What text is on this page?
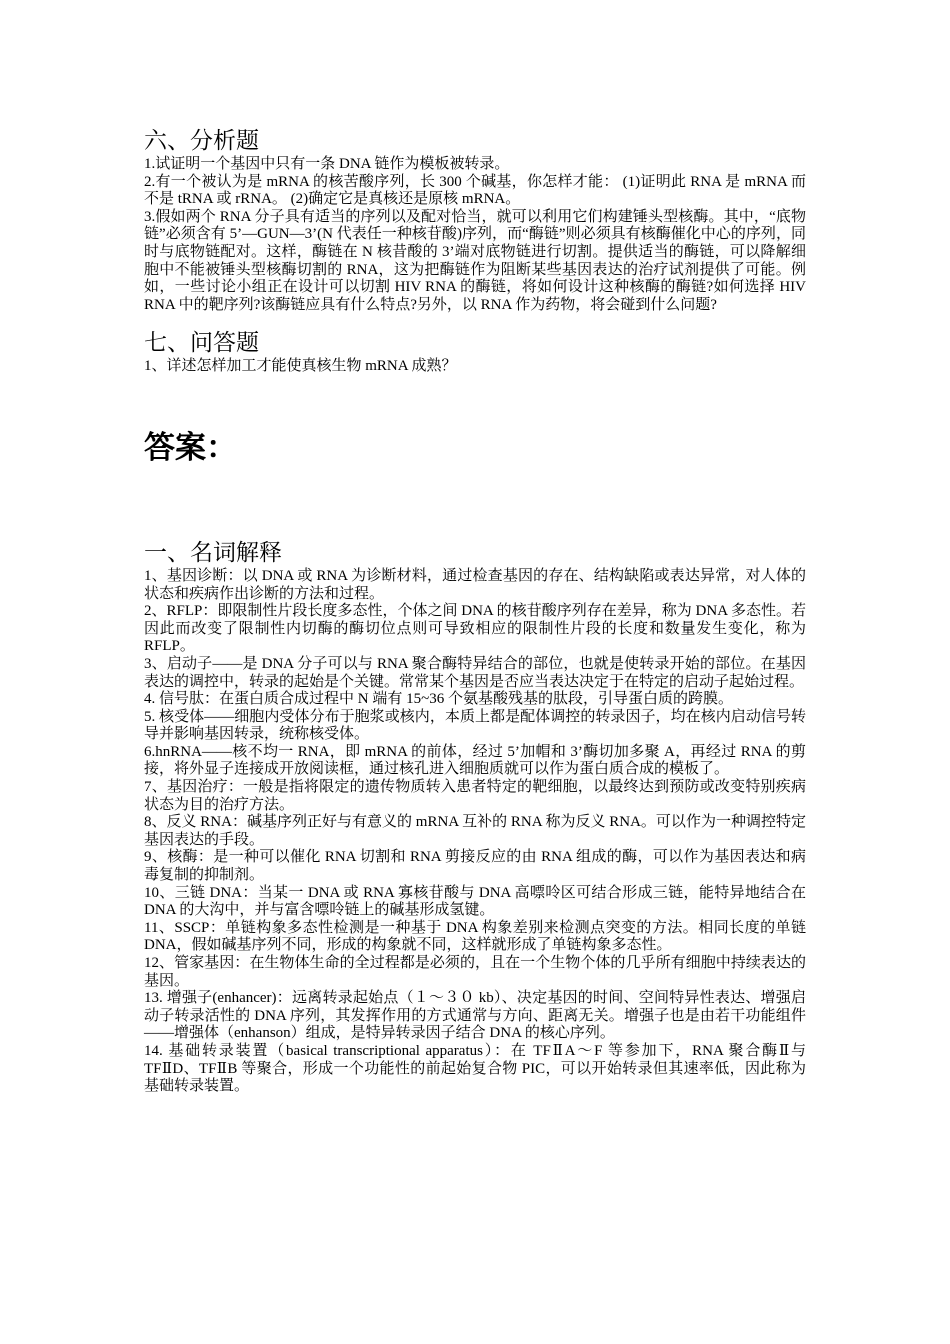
六、分析题

1.试证明一个基因中只有一条 DNA 链作为模板被转录。

2.有一个被认为是 mRNA 的核苦酸序列，长 300 个碱基，你怎样才能： (1)证明此 RNA 是 mRNA 而不是 tRNA 或 rRNA。 (2)确定它是真核还是原核 mRNA。

3.假如两个 RNA 分子具有适当的序列以及配对恰当，就可以利用它们构建锤头型核酶。其中，“底物链”必须含有 5’—GUN—3’(N 代表任一种核苷酸)序列，而“酶链”则必须具有核酶催化中心的序列，同时与底物链配对。这样，酶链在 N 核昔酸的 3’端对底物链进行切割。提供适当的酶链，可以降解细胞中不能被锤头型核酶切割的 RNA，这为把酶链作为阻断某些基因表达的治疗试剂提供了可能。例如，一些讨论小组正在设计可以切割 HIV RNA 的酶链，将如何设计这种核酶的酶链?如何选择 HIV RNA 中的靶序列?该酶链应具有什么特点?另外，以 RNA 作为药物，将会碰到什么问题?

七、问答题

1、详述怎样加工才能使真核生物 mRNA 成熟？

答案：
一、名词解释

1、基因诊断：以 DNA 或 RNA 为诊断材料，通过检查基因的存在、结构缺陷或表达异常，对人体的状态和疾病作出诊断的方法和过程。

2、RFLP：即限制性片段长度多态性，个体之间 DNA 的核苷酸序列存在差异，称为 DNA 多态性。若因此而改变了限制性内切酶的酶切位点则可导致相应的限制性片段的长度和数量发生变化，称为 RFLP。

3、启动子——是 DNA 分子可以与 RNA 聚合酶特异结合的部位，也就是使转录开始的部位。在基因表达的调控中，转录的起始是个关键。常常某个基因是否应当表达决定于在特定的启动子起始过程。

4. 信号肽：在蛋白质合成过程中 N 端有 15~36 个氨基酸残基的肽段，引导蛋白质的跨膜。

5. 核受体——细胞内受体分布于胞浆或核内，本质上都是配体调控的转录因子，均在核内启动信号转导并影响基因转录，统称核受体。

6.hnRNA——核不均一 RNA，即 mRNA 的前体，经过 5’加帽和 3’酶切加多聚 A，再经过 RNA 的剪接，将外显子连接成开放阅读框，通过核孔进入细胞质就可以作为蛋白质合成的模板了。

7、基因治疗：一般是指将限定的遗传物质转入患者特定的靶细胞，以最终达到预防或改变特别疾病状态为目的治疗方法。

8、反义 RNA：碱基序列正好与有意义的 mRNA 互补的 RNA 称为反义 RNA。可以作为一种调控特定基因表达的手段。

9、核酶：是一种可以催化 RNA 切割和 RNA 剪接反应的由 RNA 组成的酶，可以作为基因表达和病毒复制的抑制剂。

10、三链 DNA：当某一 DNA 或 RNA 寡核苷酸与 DNA 高嘌呤区可结合形成三链，能特异地结合在 DNA 的大沟中，并与富含嘌呤链上的碱基形成氢键。

11、SSCP：单链构象多态性检测是一种基于 DNA 构象差别来检测点突变的方法。相同长度的单链 DNA，假如碱基序列不同，形成的构象就不同，这样就形成了单链构象多态性。

12、管家基因：在生物体生命的全过程都是必须的，且在一个生物个体的几乎所有细胞中持续表达的基因。

13. 增强子(enhancer)：远离转录起始点（１～３０ kb）、决定基因的时间、空间特异性表达、增强启动子转录活性的 DNA 序列，其发挥作用的方式通常与方向、距离无关。增强子也是由若干功能组件——增强体（enhanson）组成，是特异转录因子结合 DNA 的核心序列。

14. 基础转录装置（basical transcriptional apparatus）：在 TFⅡA～F 等参加下，RNA 聚合酶Ⅱ与 TFⅡD、TFⅡB 等聚合，形成一个功能性的前起始复合物 PIC，可以开始转录但其速率低，因此称为基础转录装置。
